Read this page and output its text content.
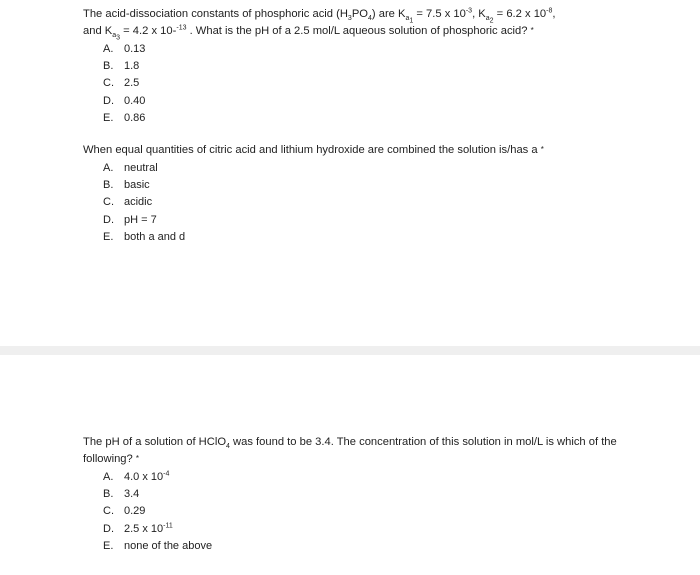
The acid-dissociation constants of phosphoric acid $(H_3PO_4)$ are $K_{a_1} = 7.5$ x $10^{-3}$, $K_{a_2} = 6.2$ x $10^{-8}$,
and $K_{a_3} = 4.2$ x 10-$^{-13}$ . What is the pH of a 2.5 mol/L aqueous solution of phosphoric acid? *

A. 0.13
B. 1.8
C. 2.5
D. 0.40
E. 0.86

When equal quantities of citric acid and lithium hydroxide are combined the solution is/has a *

A. neutral
B. basic
C. acidic
D. pH = 7
E. both a and d

The pH of a solution of HClO$_4$ was found to be 3.4. The concentration of this solution in mol/L is which of the following? *

A. 4.0 x $10^{-4}$
B. 3.4
C. 0.29
D. 2.5 x $10^{-11}$
E. none of the above
